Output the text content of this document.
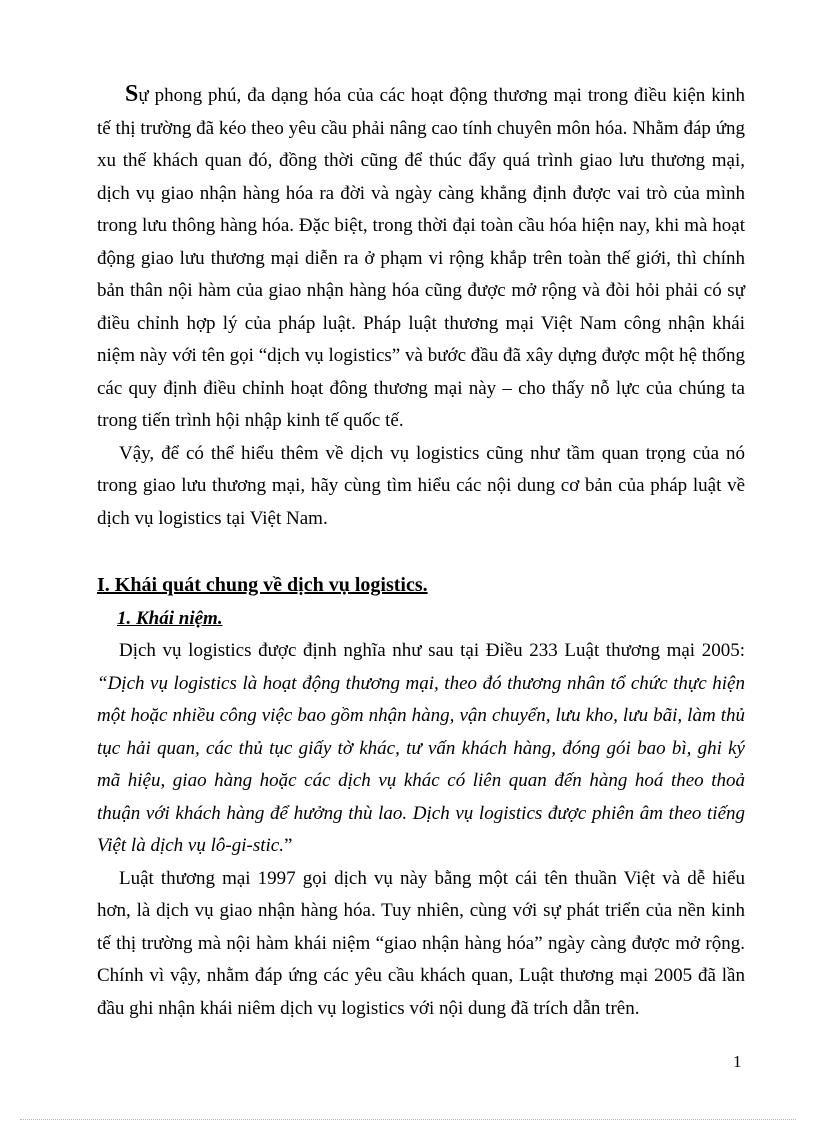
Sự phong phú, đa dạng hóa của các hoạt động thương mại trong điều kiện kinh tế thị trường đã kéo theo yêu cầu phải nâng cao tính chuyên môn hóa. Nhằm đáp ứng xu thế khách quan đó, đồng thời cũng để thúc đẩy quá trình giao lưu thương mại, dịch vụ giao nhận hàng hóa ra đời và ngày càng khẳng định được vai trò của mình trong lưu thông hàng hóa. Đặc biệt, trong thời đại toàn cầu hóa hiện nay, khi mà hoạt động giao lưu thương mại diễn ra ở phạm vi rộng khắp trên toàn thế giới, thì chính bản thân nội hàm của giao nhận hàng hóa cũng được mở rộng và đòi hỏi phải có sự điều chỉnh hợp lý của pháp luật. Pháp luật thương mại Việt Nam công nhận khái niệm này với tên gọi “dịch vụ logistics” và bước đầu đã xây dựng được một hệ thống các quy định điều chỉnh hoạt đông thương mại này – cho thấy nỗ lực của chúng ta trong tiến trình hội nhập kinh tế quốc tế.

Vậy, để có thể hiểu thêm về dịch vụ logistics cũng như tầm quan trọng của nó trong giao lưu thương mại, hãy cùng tìm hiểu các nội dung cơ bản của pháp luật về dịch vụ logistics tại Việt Nam.

I. Khái quát chung về dịch vụ logistics.
1. Khái niệm.

Dịch vụ logistics được định nghĩa như sau tại Điều 233 Luật thương mại 2005: “Dịch vụ logistics là hoạt động thương mại, theo đó thương nhân tổ chức thực hiện một hoặc nhiều công việc bao gồm nhận hàng, vận chuyển, lưu kho, lưu bãi, làm thủ tục hải quan, các thủ tục giấy tờ khác, tư vấn khách hàng, đóng gói bao bì, ghi ký mã hiệu, giao hàng hoặc các dịch vụ khác có liên quan đến hàng hoá theo thoả thuận với khách hàng để hưởng thù lao. Dịch vụ logistics được phiên âm theo tiếng Việt là dịch vụ lô-gi-stic.”

Luật thương mại 1997 gọi dịch vụ này bằng một cái tên thuần Việt và dễ hiểu hơn, là dịch vụ giao nhận hàng hóa. Tuy nhiên, cùng với sự phát triển của nền kinh tế thị trường mà nội hàm khái niệm “giao nhận hàng hóa” ngày càng được mở rộng. Chính vì vậy, nhằm đáp ứng các yêu cầu khách quan, Luật thương mại 2005 đã lần đầu ghi nhận khái niêm dịch vụ logistics với nội dung đã trích dẫn trên.

1
